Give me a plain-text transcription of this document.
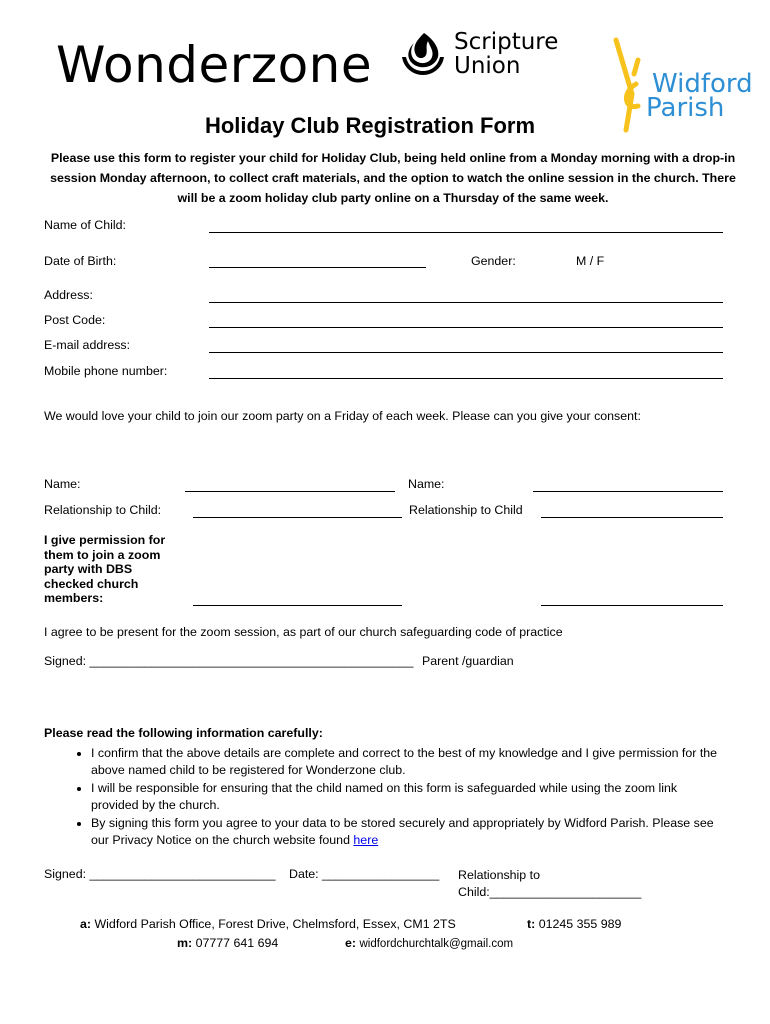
Wonderzone	Scripture
Union
Widford
Parish
Holiday Club Registration Form
Please use this form to register your child for Holiday Club, being held online from a Monday morning with a drop-in session Monday afternoon, to collect craft materials, and the option to watch the online session in the church. There will be a zoom holiday club party online on a Thursday of the same week.
Name of Child:
Date of Birth:	Gender:	M / F
Address:
Post Code:
E-mail address:
Mobile phone number:
We would love your child to join our zoom party on a Friday of each week. Please can you give your consent:
Name:	Name:
Relationship to Child:	Relationship to Child
I give permission for them to join a zoom party with DBS checked church members:
I agree to be present for the zoom session, as part of our church safeguarding code of practice
Signed: _______________________________________________ Parent /guardian
Please read the following information carefully:
• I confirm that the above details are complete and correct to the best of my knowledge and I give permission for the above named child to be registered for Wonderzone club.
• I will be responsible for ensuring that the child named on this form is safeguarded while using the zoom link provided by the church.
• By signing this form you agree to your data to be stored securely and appropriately by Widford Parish. Please see our Privacy Notice on the church website found here
Signed: ___________________________ Date: _________________ Relationship to Child:______________________
a: Widford Parish Office, Forest Drive, Chelmsford, Essex, CM1 2TS	t: 01245 355 989
m: 07777 641 694	e: widfordchurchtalk@gmail.com
